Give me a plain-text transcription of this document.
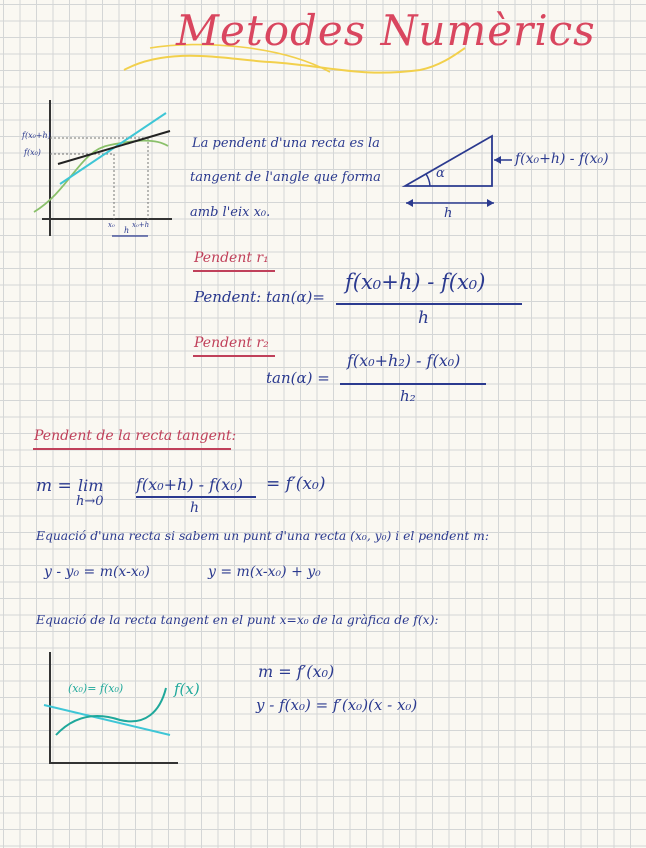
Metodes Numèrics
f(x₀+h)
f(x₀)
x₀ x₀+h
h
La pendent d'una recta es la
tangent de l'angle que forma
amb l'eix x₀.
α
f(x₀+h) - f(x₀)
h
Pendent r₁
Pendent: tan(α)=
f(x₀+h) - f(x₀)
h
Pendent r₂
tan(α) =
f(x₀+h₂) - f(x₀)
h₂
Pendent de la recta tangent:
m = lim
h→0
f(x₀+h) - f(x₀)
h
= f′(x₀)
Equació d'una recta si sabem un punt d'una recta (x₀, y₀) i el pendent m:
y - y₀ = m(x-x₀)	y = m(x-x₀) + y₀
Equació de la recta tangent en el punt x=x₀ de la gràfica de f(x):
(x₀)= f(x₀)	f(x)
m = f′(x₀)
y - f(x₀) = f′(x₀)(x - x₀)
